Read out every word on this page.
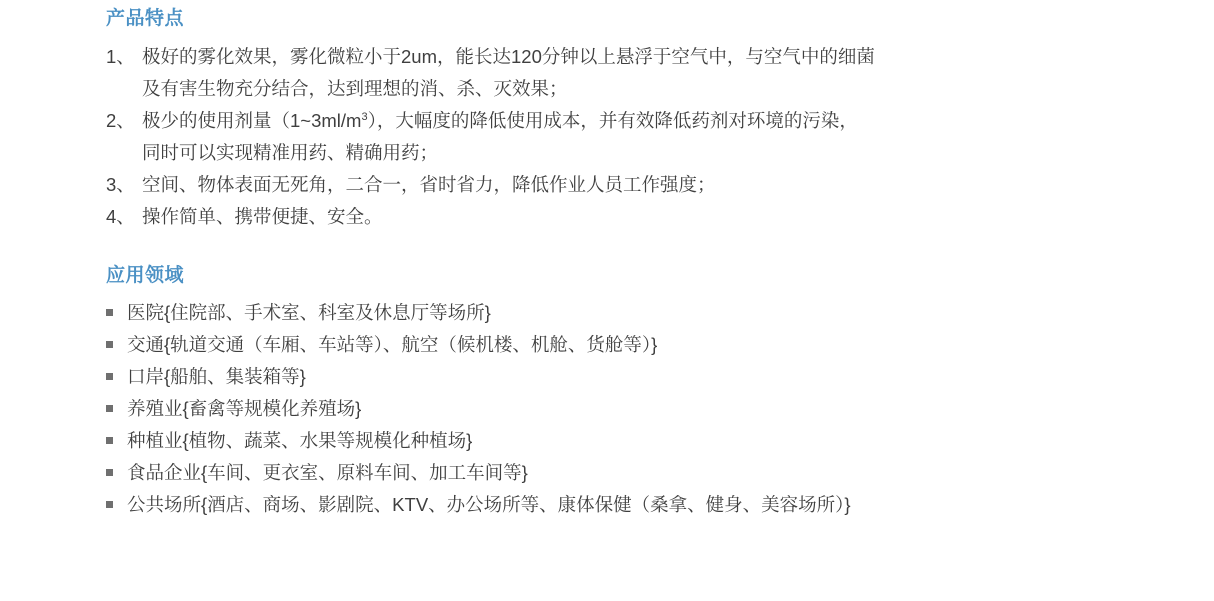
产品特点
1、 极好的雾化效果，雾化微粒小于2um，能长达120分钟以上悬浮于空气中，与空气中的细菌
及有害生物充分结合，达到理想的消、杀、灭效果；
2、 极少的使用剂量$(1\sim 3ml/m^3)$，大幅度的降低使用成本，并有效降低药剂对环境的污染，
同时可以实现精准用药、精确用药；
3、 空间、物体表面无死角，二合一，省时省力，降低作业人员工作强度；
4、 操作简单、携带便捷、安全。
应用领域
医院{住院部、手术室、科室及休息厅等场所}
交通{轨道交通（车厢、车站等）、航空（候机楼、机舱、货舱等）}
口岸{船舶、集装箱等}
养殖业{畜禽等规模化养殖场}
种植业{植物、蔬菜、水果等规模化种植场}
食品企业{车间、更衣室、原料车间、加工车间等}
公共场所{酒店、商场、影剧院、KTV、办公场所等、康体保健（桑拿、健身、美容场所）}
